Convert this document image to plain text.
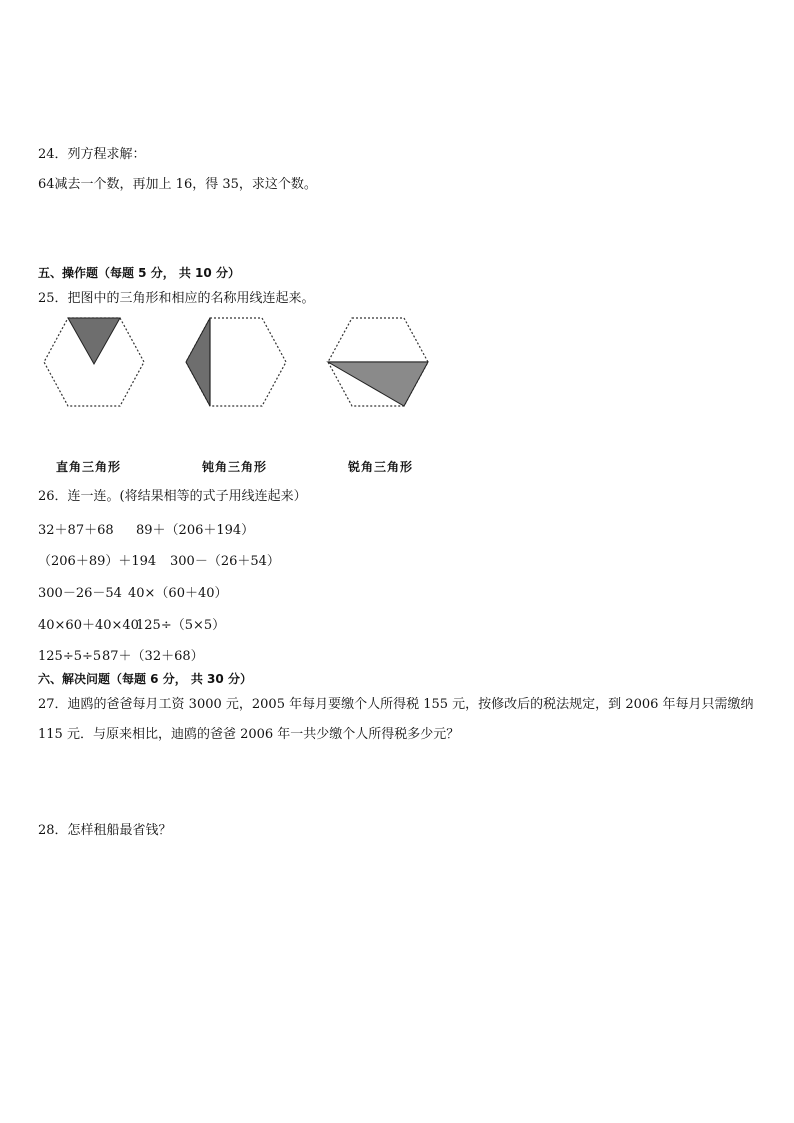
24．列方程求解：
64减去一个数，再加上 16，得 35，求这个数。
五、操作题（每题 5 分， 共 10 分）
25．把图中的三角形和相应的名称用线连起来。
直角三角形	钝角三角形	锐角三角形
26．连一连。(将结果相等的式子用线连起来）
32＋87＋68 89＋（206＋194）
（206＋89）＋194 300－（26＋54）
300－26－54 40×（60＋40）
40×60＋40×40125÷（5×5）
125÷5÷587＋（32＋68）
六、解决问题（每题 6 分， 共 30 分）
27．迪鸥的爸爸每月工资 3000 元，2005 年每月要缴个人所得税 155 元，按修改后的税法规定，到 2006 年每月只需缴纳 115 元．与原来相比，迪鸥的爸爸 2006 年一共少缴个人所得税多少元？
28．怎样租船最省钱？
